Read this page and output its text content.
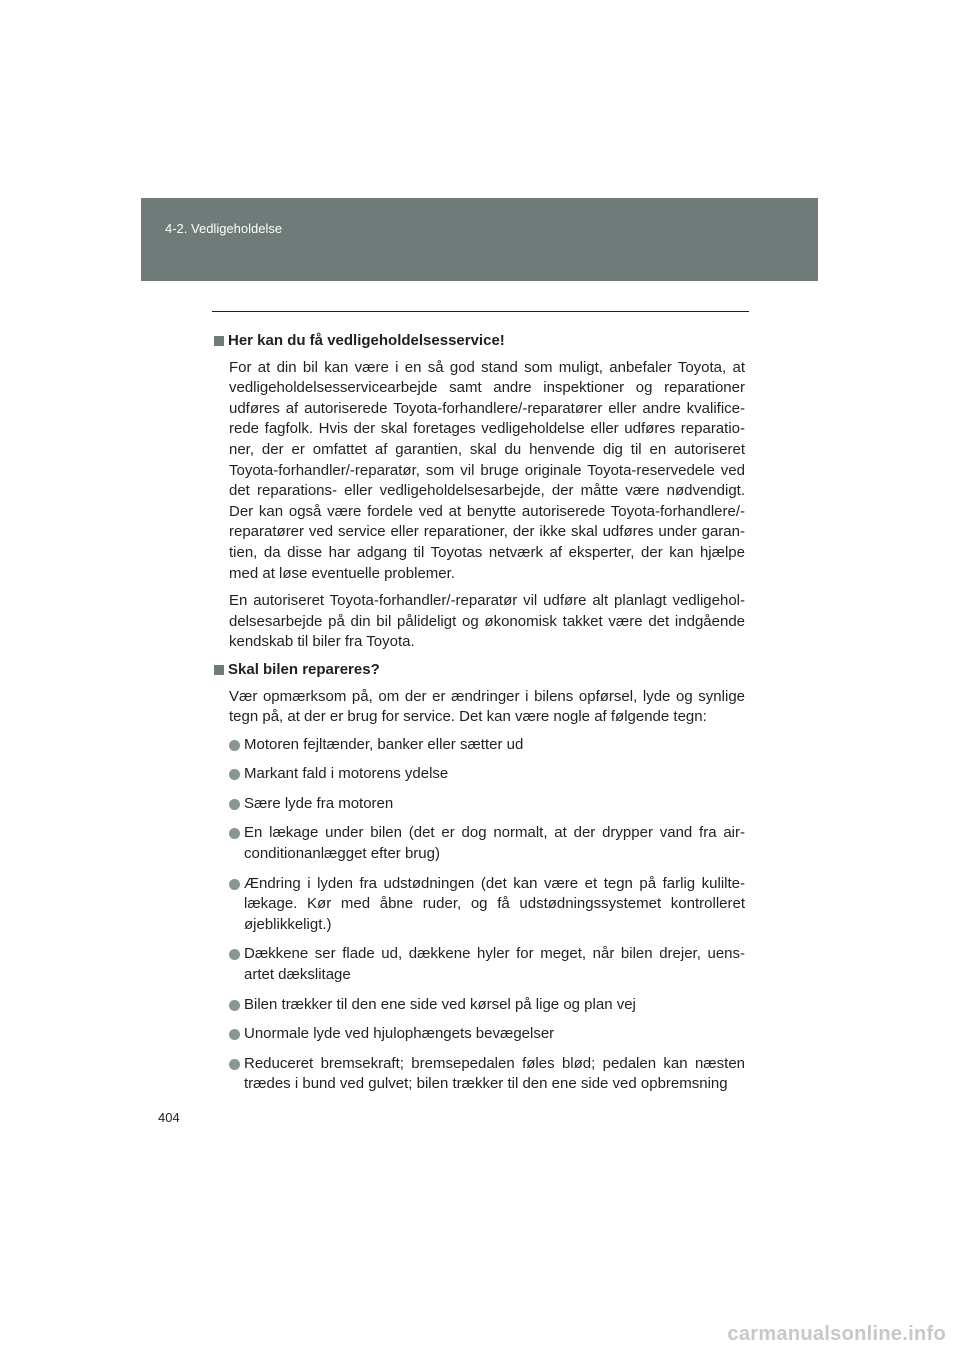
4-2. Vedligeholdelse
Her kan du få vedligeholdelsesservice!

For at din bil kan være i en så god stand som muligt, anbefaler Toyota, at vedligeholdelsesservicearbejde samt andre inspektioner og reparationer udføres af autoriserede Toyota-forhandlere/-reparatører eller andre kvalifice- rede fagfolk. Hvis der skal foretages vedligeholdelse eller udføres reparatio- ner, der er omfattet af garantien, skal du henvende dig til en autoriseret Toyota-forhandler/-reparatør, som vil bruge originale Toyota-reservedele ved det reparations- eller vedligeholdelsesarbejde, der måtte være nødvendigt. Der kan også være fordele ved at benytte autoriserede Toyota-forhandlere/- reparatører ved service eller reparationer, der ikke skal udføres under garan- tien, da disse har adgang til Toyotas netværk af eksperter, der kan hjælpe med at løse eventuelle problemer.

En autoriseret Toyota-forhandler/-reparatør vil udføre alt planlagt vedligehol- delsesarbejde på din bil pålideligt og økonomisk takket være det indgående kendskab til biler fra Toyota.

Skal bilen repareres?

Vær opmærksom på, om der er ændringer i bilens opførsel, lyde og synlige tegn på, at der er brug for service. Det kan være nogle af følgende tegn:

Motoren fejltænder, banker eller sætter ud
Markant fald i motorens ydelse
Sære lyde fra motoren
En lækage under bilen (det er dog normalt, at der drypper vand fra air- conditionanlægget efter brug)
Ændring i lyden fra udstødningen (det kan være et tegn på farlig kulilte- lækage. Kør med åbne ruder, og få udstødningssystemet kontrolleret øjeblikkeligt.)
Dækkene ser flade ud, dækkene hyler for meget, når bilen drejer, uens- artet dækslitage
Bilen trækker til den ene side ved kørsel på lige og plan vej
Unormale lyde ved hjulophængets bevægelser
Reduceret bremsekraft; bremsepedalen føles blød; pedalen kan næsten trædes i bund ved gulvet; bilen trækker til den ene side ved opbremsning
404
carmanualsonline.info
